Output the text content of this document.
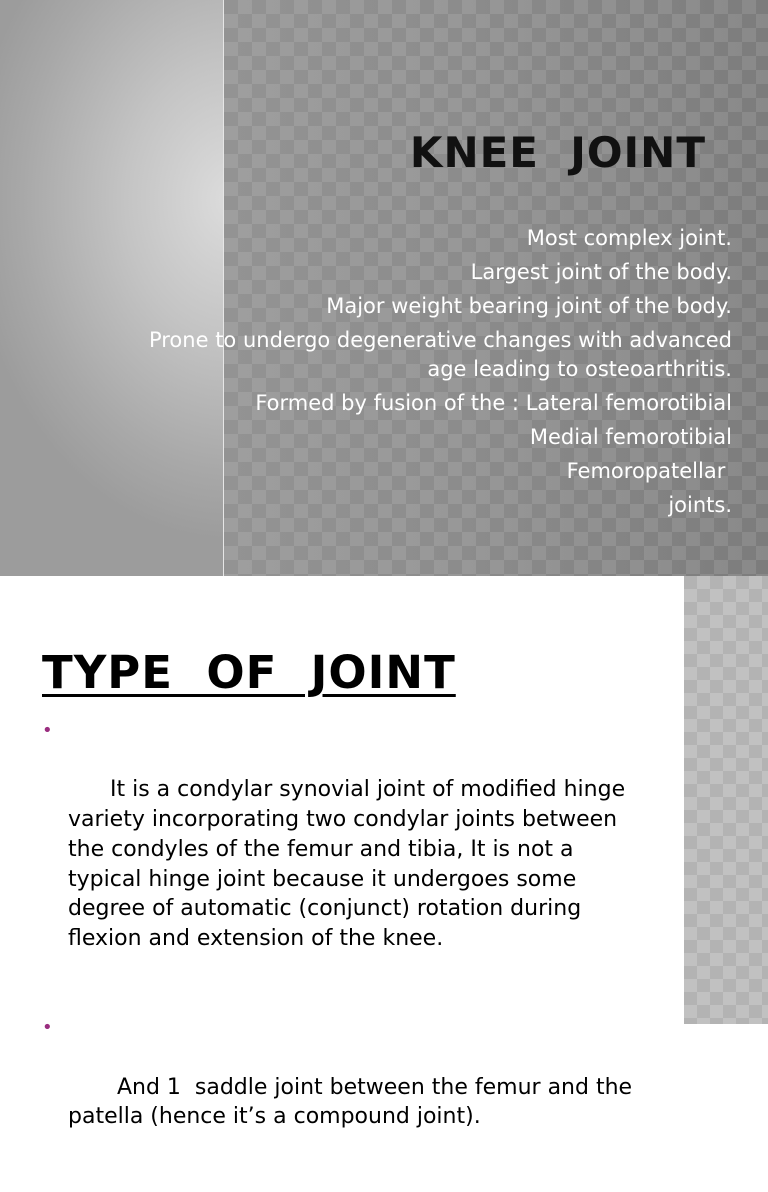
KNEE  JOINT
Most complex joint.
Largest joint of the body.
Major weight bearing joint of the body.
Prone to undergo degenerative changes with advanced age leading to osteoarthritis.
Formed by fusion of the : Lateral femorotibial
Medial femorotibial
Femoropatellar
joints.
TYPE  OF  JOINT

•

It is a condylar synovial joint of modified hinge variety incorporating two condylar joints between the condyles of the femur and tibia, It is not a typical hinge joint because it undergoes some degree of automatic (conjunct) rotation during flexion and extension of the knee.

•

And 1  saddle joint between the femur and the patella (hence it’s a compound joint).
